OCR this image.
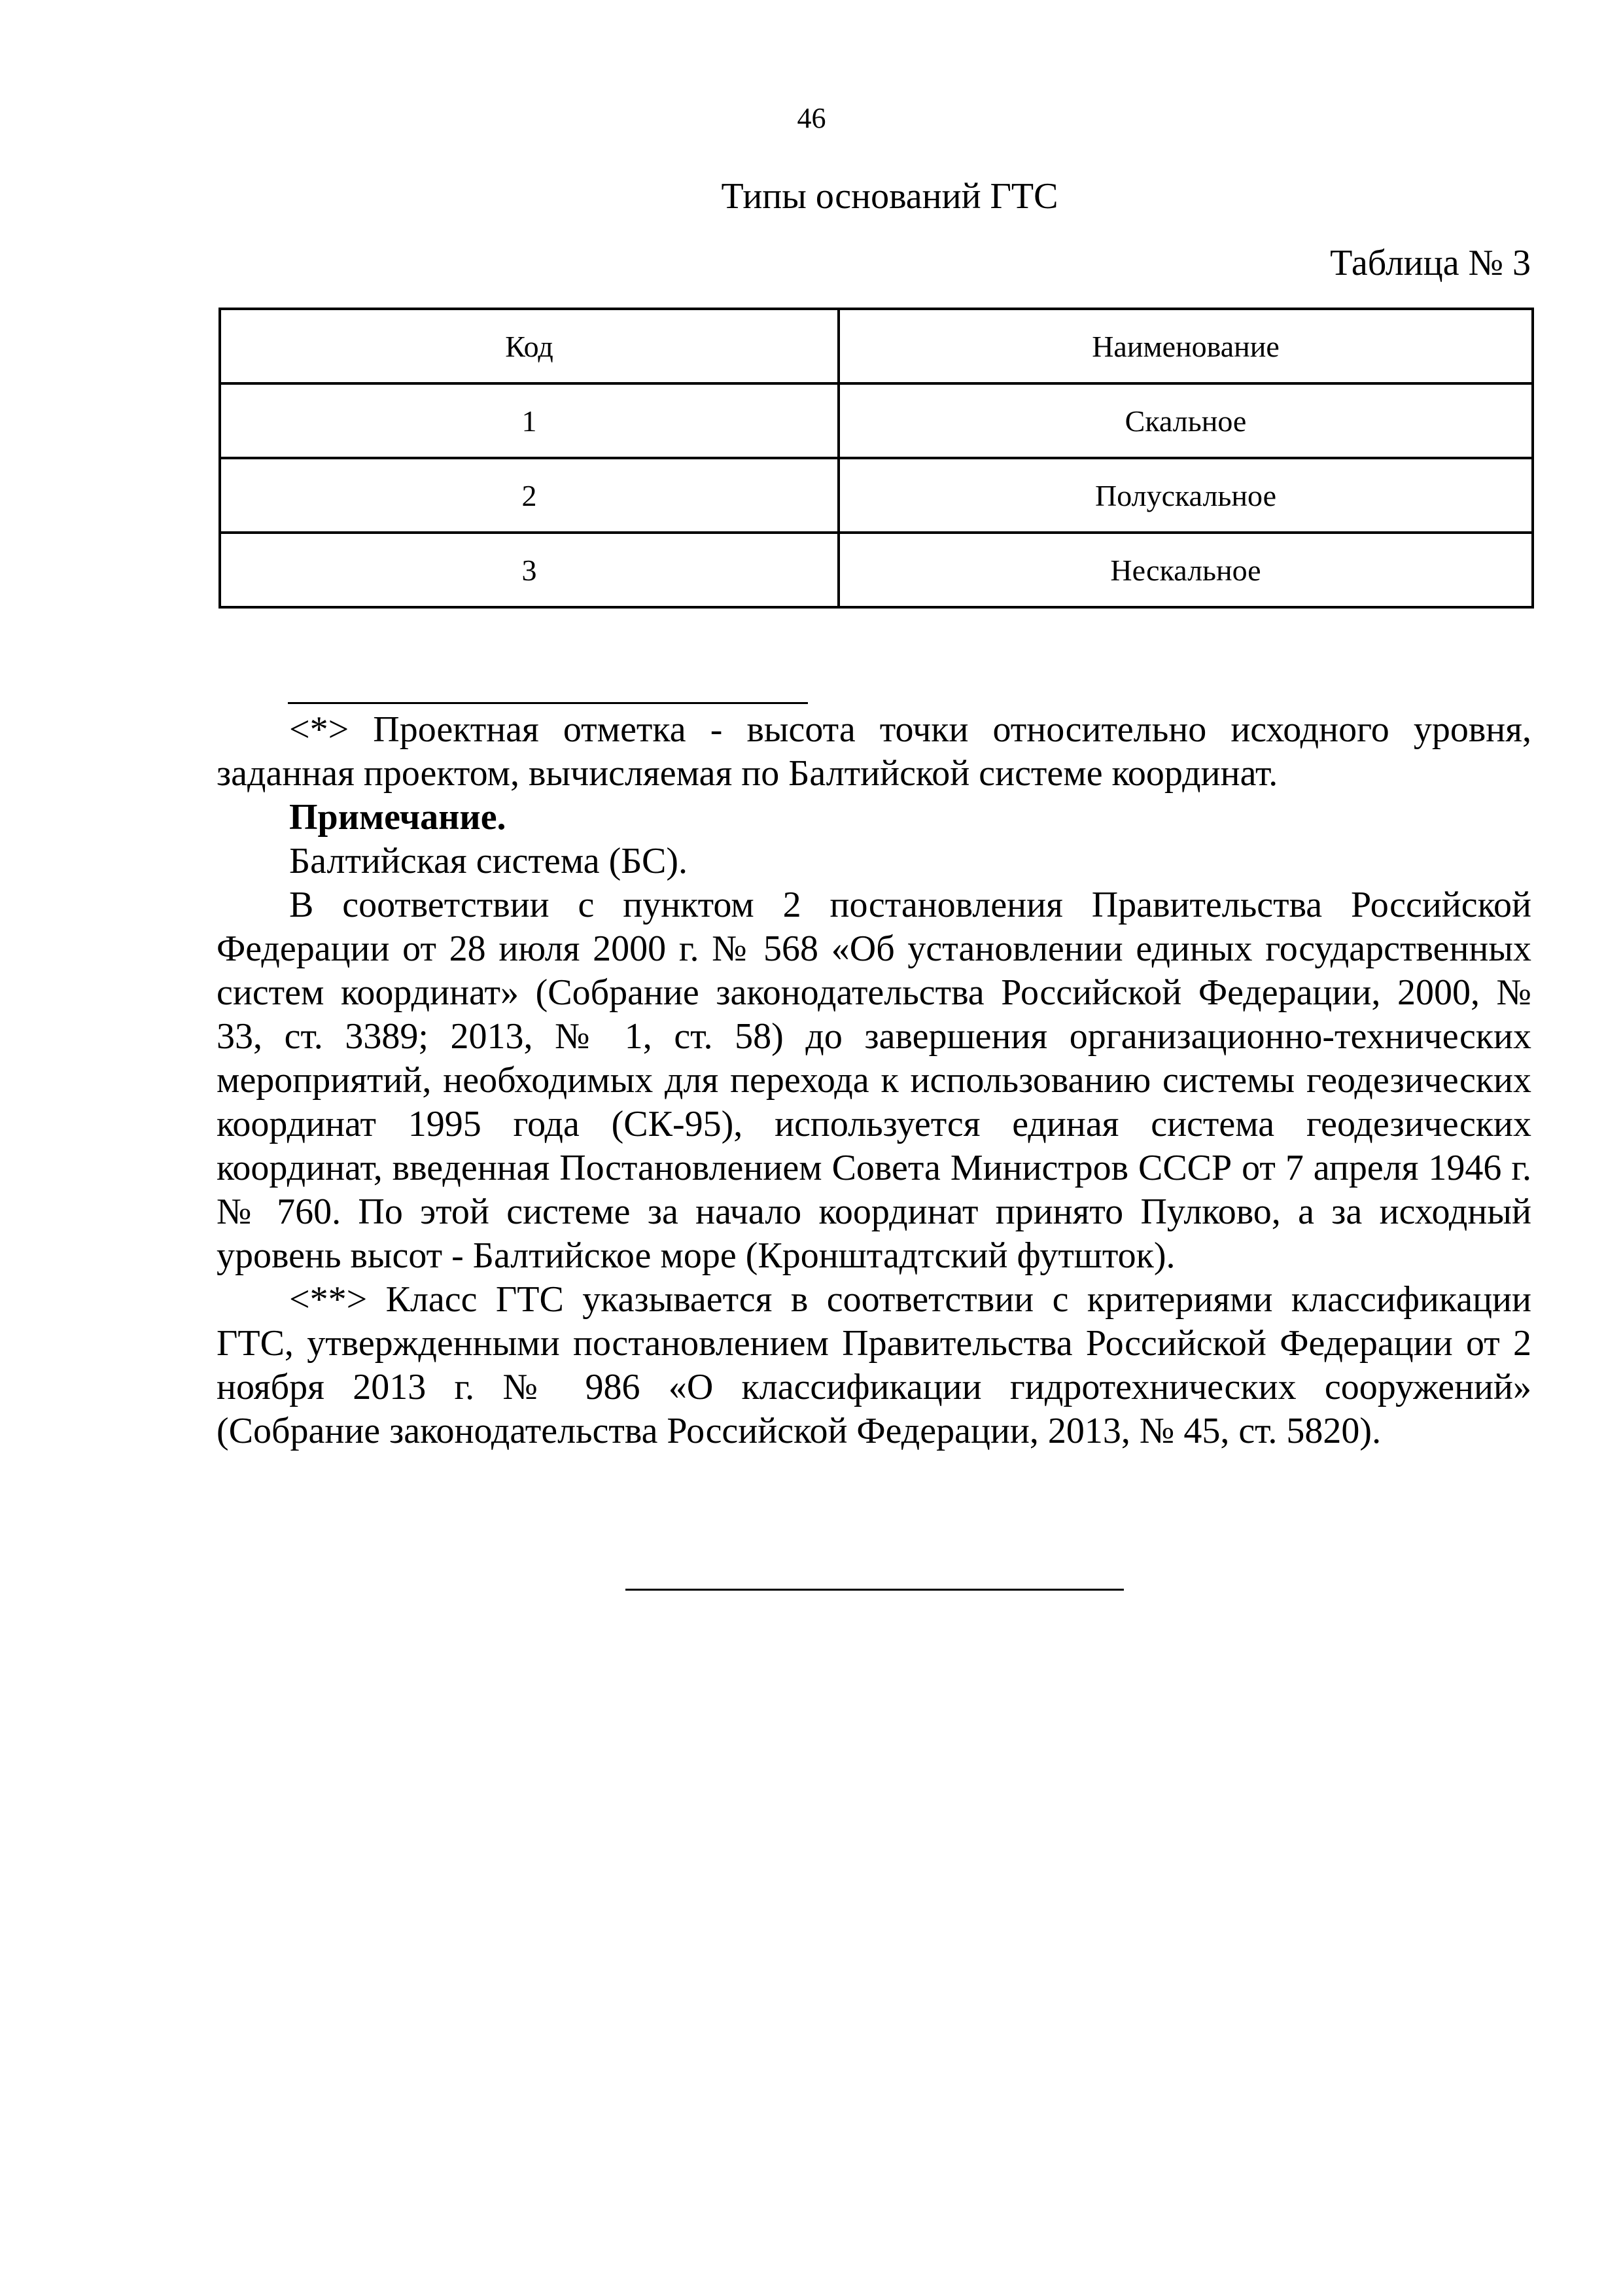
46
Типы оснований ГТС
Таблица № 3
Код	Наименование
1	Скальное
2	Полускальное
3	Нескальное

<*> Проектная отметка - высота точки относительно исходного уровня, заданная проектом, вычисляемая по Балтийской системе координат.

Примечание.

Балтийская система (БС).

В соответствии с пунктом 2 постановления Правительства Российской Федерации от 28 июля 2000 г. № 568 «Об установлении единых государственных систем координат» (Собрание законодательства Российской Федерации, 2000, № 33, ст. 3389; 2013, № 1, ст. 58) до завершения организационно-технических мероприятий, необходимых для перехода к использованию системы геодезических координат 1995 года (СК-95), используется единая система геодезических координат, введенная Постановлением Совета Министров СССР от 7 апреля 1946 г. № 760. По этой системе за начало координат принято Пулково, а за исходный уровень высот - Балтийское море (Кронштадтский футшток).

<**> Класс ГТС указывается в соответствии с критериями классификации ГТС, утвержденными постановлением Правительства Российской Федерации от 2 ноября 2013 г. № 986 «О классификации гидротехнических сооружений» (Собрание законодательства Российской Федерации, 2013, № 45, ст. 5820).
